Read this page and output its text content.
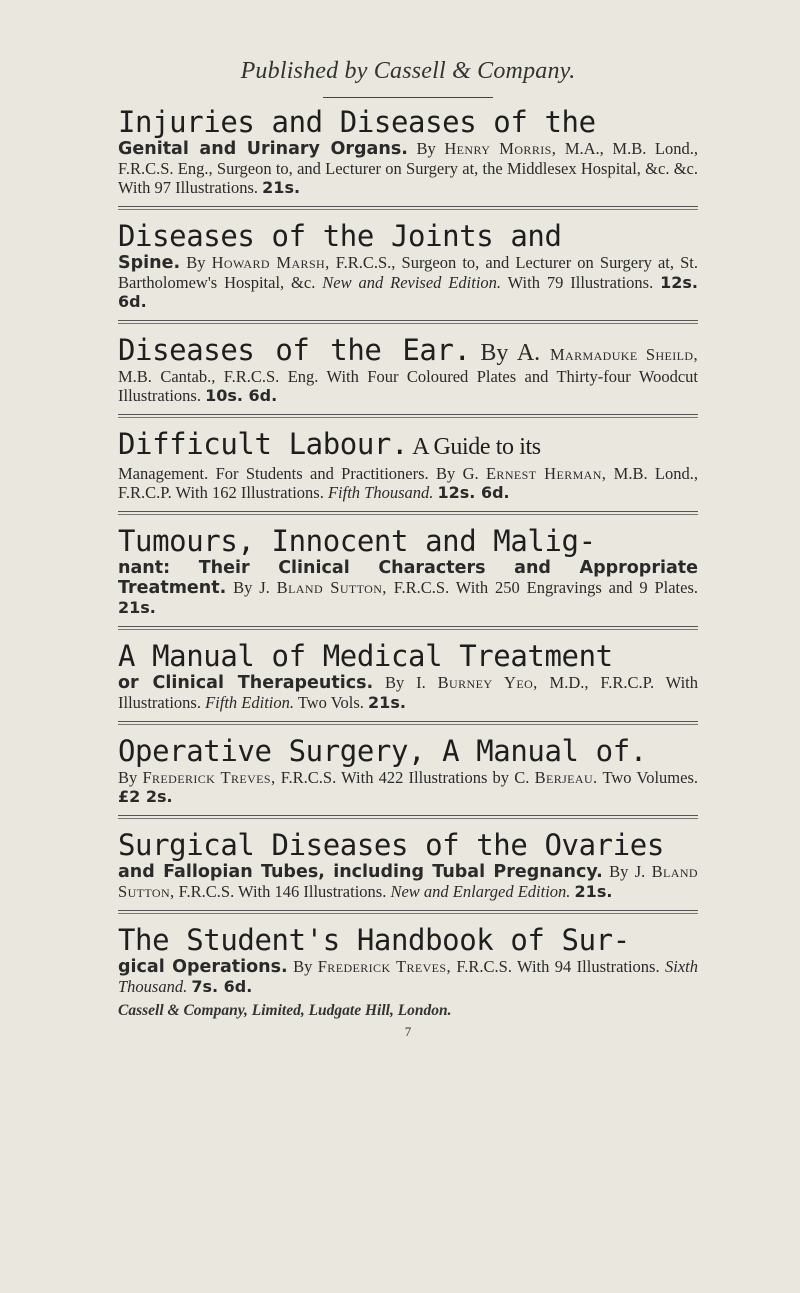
Published by Cassell & Company.
Injuries and Diseases of the

Genital and Urinary Organs. By Henry Morris, M.A., M.B. Lond., F.R.C.S. Eng., Surgeon to, and Lecturer on Surgery at, the Middlesex Hospital, &c. &c. With 97 Illustrations. 21s.

Diseases of the Joints and

Spine. By Howard Marsh, F.R.C.S., Surgeon to, and Lecturer on Surgery at, St. Bartholomew's Hospital, &c. New and Revised Edition. With 79 Illustrations. 12s. 6d.

Diseases of the Ear. By A. Marmaduke Sheild, M.B. Cantab., F.R.C.S. Eng. With Four Coloured Plates and Thirty-four Woodcut Illustrations. 10s. 6d.

Difficult Labour. A Guide to its

Management. For Students and Practitioners. By G. Ernest Herman, M.B. Lond., F.R.C.P. With 162 Illustrations. Fifth Thousand. 12s. 6d.

Tumours, Innocent and Malig-

nant: Their Clinical Characters and Appropriate Treatment. By J. Bland Sutton, F.R.C.S. With 250 Engravings and 9 Plates. 21s.

A Manual of Medical Treatment

or Clinical Therapeutics. By I. Burney Yeo, M.D., F.R.C.P. With Illustrations. Fifth Edition. Two Vols. 21s.

Operative Surgery, A Manual of.

By Frederick Treves, F.R.C.S. With 422 Illustrations by C. Berjeau. Two Volumes. £2 2s.

Surgical Diseases of the Ovaries

and Fallopian Tubes, including Tubal Pregnancy. By J. Bland Sutton, F.R.C.S. With 146 Illustrations. New and Enlarged Edition. 21s.

The Student's Handbook of Sur-

gical Operations. By Frederick Treves, F.R.C.S. With 94 Illustrations. Sixth Thousand. 7s. 6d.

Cassell & Company, Limited, Ludgate Hill, London.
7
